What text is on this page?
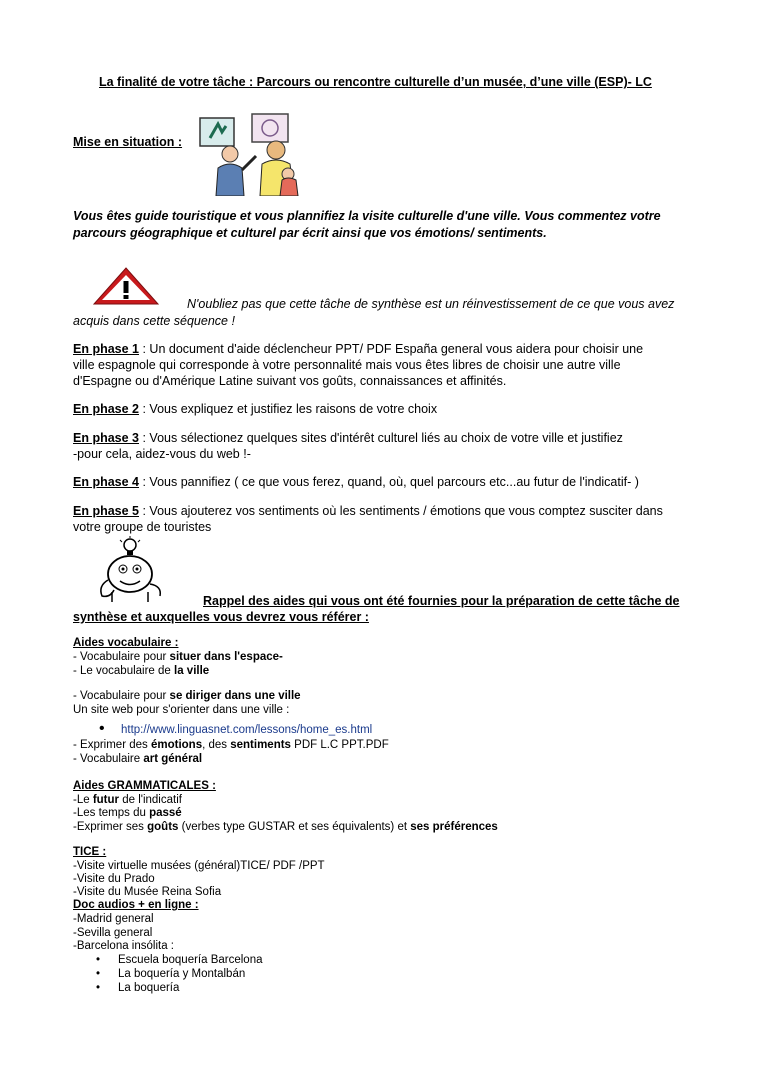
La finalité de votre tâche : Parcours ou rencontre culturelle d’un musée, d’une ville (ESP)- LC
Mise en situation :
Vous êtes guide touristique et vous plannifiez la visite culturelle d'une ville. Vous commentez votre
parcours géographique et culturel par écrit ainsi que vos émotions/ sentiments.
N'oubliez pas que cette tâche de synthèse est un réinvestissement de ce que vous avez
acquis dans cette séquence !
En phase 1 : Un document d'aide déclencheur PPT/ PDF España general vous aidera pour choisir une
ville espagnole qui corresponde à votre personnalité mais vous êtes libres de choisir une autre ville
d'Espagne ou d'Amérique Latine suivant vos goûts, connaissances et affinités.
En phase 2 : Vous expliquez et justifiez les raisons de votre choix
En phase 3 : Vous sélectionez quelques sites d'intérêt culturel liés au choix de votre ville et justifiez
-pour cela, aidez-vous du web !-
En phase 4 : Vous pannifiez ( ce que vous ferez, quand, où, quel parcours etc...au futur de l'indicatif- )
En phase 5 : Vous ajouterez vos sentiments où les sentiments / émotions que vous comptez susciter dans
votre groupe de touristes
Rappel des aides qui vous ont été fournies pour la préparation de cette tâche de
synthèse et auxquelles vous devrez vous référer :
Aides vocabulaire :
- Vocabulaire pour situer dans l'espace-
- Le vocabulaire de la ville
- Vocabulaire pour se diriger dans une ville
Un site web pour s'orienter dans une ville :
• http://www.linguasnet.com/lessons/home_es.html
- Exprimer des émotions, des sentiments PDF L.C PPT.PDF
- Vocabulaire art général
Aides GRAMMATICALES :
-Le futur de l'indicatif
-Les temps du passé
-Exprimer ses goûts (verbes type GUSTAR et ses équivalents) et ses préférences
TICE :
-Visite virtuelle musées (général)TICE/ PDF /PPT
-Visite du Prado
-Visite du Musée Reina Sofia
Doc audios + en ligne :
-Madrid general
-Sevilla general
-Barcelona insólita :
• Escuela boquería Barcelona
• La boquería y Montalbán
• La boquería
